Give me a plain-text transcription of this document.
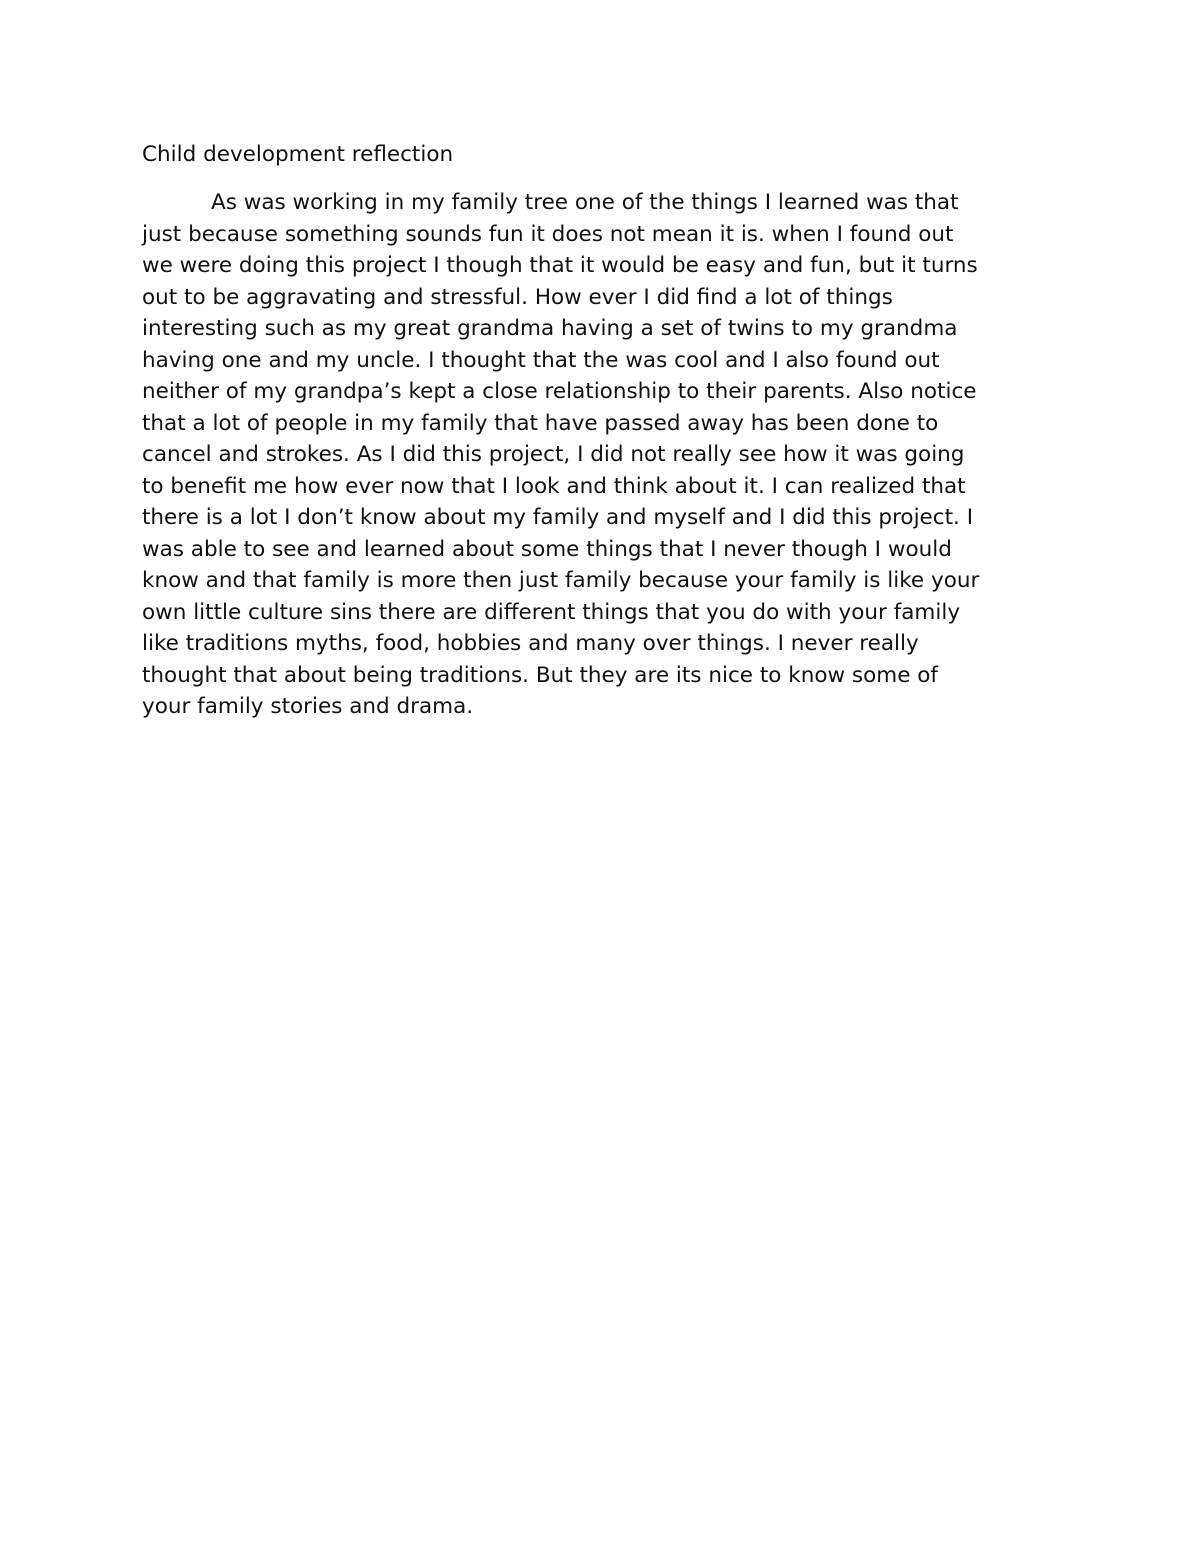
Child development reflection

As was working in my family tree one of the things I learned was that
just because something sounds fun it does not mean it is. when I found out
we were doing this project I though that it would be easy and fun, but it turns
out to be aggravating and stressful. How ever I did find a lot of things
interesting such as my great grandma having a set of twins to my grandma
having one and my uncle. I thought that the was cool and I also found out
neither of my grandpa’s kept a close relationship to their parents. Also notice
that a lot of people in my family that have passed away has been done to
cancel and strokes. As I did this project, I did not really see how it was going
to benefit me how ever now that I look and think about it. I can realized that
there is a lot I don’t know about my family and myself and I did this project. I
was able to see and learned about some things that I never though I would
know and that family is more then just family because your family is like your
own little culture sins there are different things that you do with your family
like traditions myths, food, hobbies and many over things. I never really
thought that about being traditions. But they are its nice to know some of
your family stories and drama.
